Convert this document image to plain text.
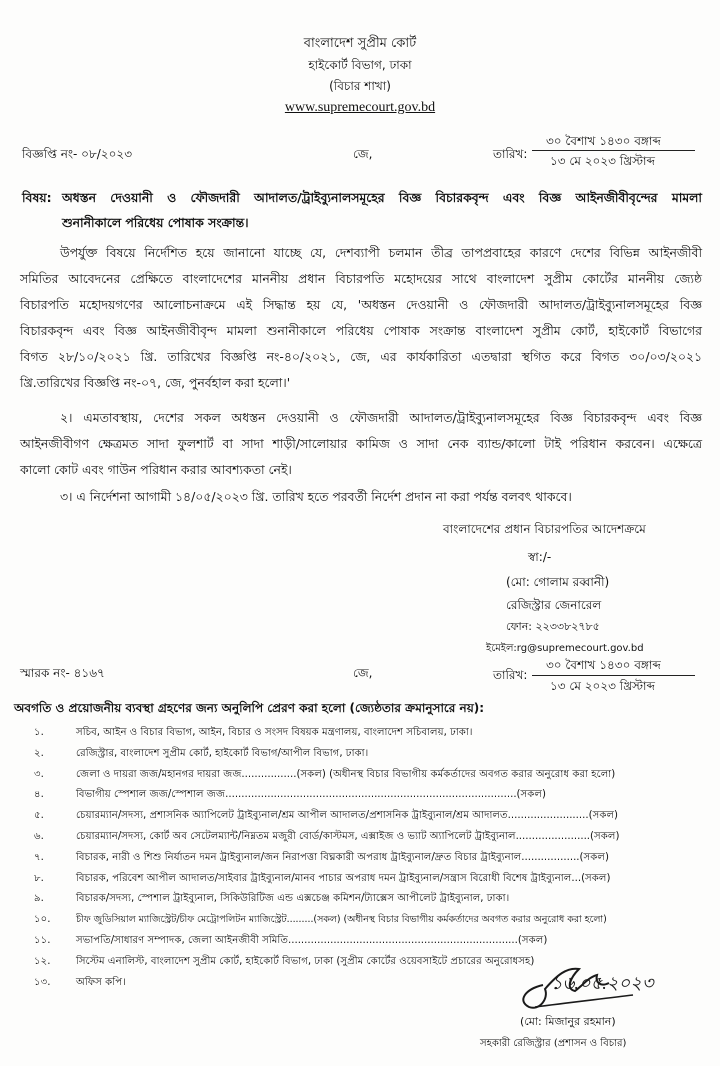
বাংলাদেশ সুপ্রীম কোর্ট
হাইকোর্ট বিভাগ, ঢাকা
(বিচার শাখা)
www.supremecourt.gov.bd
বিজ্ঞপ্তি নং- ০৮/২০২৩	জে,	তারিখ:
৩০ বৈশাখ ১৪৩০ বঙ্গাব্দ
১৩ মে ২০২৩ খ্রিস্টাব্দ
বিষয়: অধস্তন দেওয়ানী ও ফৌজদারী আদালত/ট্রাইব্যুনালসমূহের বিজ্ঞ বিচারকবৃন্দ এবং বিজ্ঞ আইনজীবীবৃন্দের মামলা
শুনানীকালে পরিধেয় পোষাক সংক্রান্ত।
উপর্যুক্ত বিষয়ে নির্দেশিত হয়ে জানানো যাচ্ছে যে, দেশব্যাপী চলমান তীব্র তাপপ্রবাহের কারণে দেশের বিভিন্ন আইনজীবী
সমিতির আবেদনের প্রেক্ষিতে বাংলাদেশের মাননীয় প্রধান বিচারপতি মহোদয়ের সাথে বাংলাদেশ সুপ্রীম কোর্টের মাননীয় জ্যেষ্ঠ
বিচারপতি মহোদয়গণের আলোচনাক্রমে এই সিদ্ধান্ত হয় যে, 'অধস্তন দেওয়ানী ও ফৌজদারী আদালত/ট্রাইব্যুনালসমূহের বিজ্ঞ
বিচারকবৃন্দ এবং বিজ্ঞ আইনজীবীবৃন্দ মামলা শুনানীকালে পরিধেয় পোষাক সংক্রান্ত বাংলাদেশ সুপ্রীম কোর্ট, হাইকোর্ট বিভাগের
বিগত ২৮/১০/২০২১ খ্রি. তারিখের বিজ্ঞপ্তি নং-৪০/২০২১, জে, এর কার্যকারিতা এতদ্বারা স্থগিত করে বিগত ৩০/০৩/২০২১
খ্রি.তারিখের বিজ্ঞপ্তি নং-০৭, জে, পুনর্বহাল করা হলো।'
২। এমতাবস্থায়, দেশের সকল অধস্তন দেওয়ানী ও ফৌজদারী আদালত/ট্রাইব্যুনালসমূহের বিজ্ঞ বিচারকবৃন্দ এবং বিজ্ঞ
আইনজীবীগণ ক্ষেত্রমত সাদা ফুলশার্ট বা সাদা শাড়ী/সালোয়ার কামিজ ও সাদা নেক ব্যান্ড/কালো টাই পরিধান করবেন। এক্ষেত্রে
কালো কোট এবং গাউন পরিধান করার আবশ্যকতা নেই।
৩। এ নির্দেশনা আগামী ১৪/০৫/২০২৩ খ্রি. তারিখ হতে পরবর্তী নির্দেশ প্রদান না করা পর্যন্ত বলবৎ থাকবে।
বাংলাদেশের প্রধান বিচারপতির আদেশক্রমে
স্বা:/-
(মো: গোলাম রব্বানী)
রেজিস্ট্রার জেনারেল
ফোন: ২২৩৩৮২৭৮৫
ইমেইল:rg@supremecourt.gov.bd
স্মারক নং- ৪১৬৭	জে,	তারিখ:
৩০ বৈশাখ ১৪৩০ বঙ্গাব্দ
১৩ মে ২০২৩ খ্রিস্টাব্দ
অবগতি ও প্রয়োজনীয় ব্যবস্থা গ্রহণের জন্য অনুলিপি প্রেরণ করা হলো (জ্যেষ্ঠতার ক্রমানুসারে নয়):
১.	সচিব, আইন ও বিচার বিভাগ, আইন, বিচার ও সংসদ বিষয়ক মন্ত্রণালয়, বাংলাদেশ সচিবালয়, ঢাকা।
২.	রেজিস্ট্রার, বাংলাদেশ সুপ্রীম কোর্ট, হাইকোর্ট বিভাগ/আপীল বিভাগ, ঢাকা।
৩.	জেলা ও দায়রা জজ/মহানগর দায়রা জজ.................(সকল) (অধীনস্থ বিচার বিভাগীয় কর্মকর্তাদের অবগত করার অনুরোধ করা হলো)
৪.	বিভাগীয় স্পেশাল জজ/স্পেশাল জজ..........................................................................................(সকল)
৫.	চেয়ারম্যান/সদস্য, প্রশাসনিক অ্যাপিলেট ট্রাইব্যুনাল/শ্রম আপীল আদালত/প্রশাসনিক ট্রাইব্যুনাল/শ্রম আদালত.........................(সকল)
৬.	চেয়ারম্যান/সদস্য, কোর্ট অব সেটেলম্যান্ট/নিম্নতম মজুরী বোর্ড/কাস্টমস, এক্সাইজ ও ভ্যাট অ্যাপিলেট ট্রাইব্যুনাল.......................(সকল)
৭.	বিচারক, নারী ও শিশু নির্যাতন দমন ট্রাইব্যুনাল/জন নিরাপত্তা বিঘ্নকারী অপরাধ ট্রাইব্যুনাল/দ্রুত বিচার ট্রাইব্যুনাল..................(সকল)
৮.	বিচারক, পরিবেশ আপীল আদালত/সাইবার ট্রাইব্যুনাল/মানব পাচার অপরাধ দমন ট্রাইব্যুনাল/সন্ত্রাস বিরোধী বিশেষ ট্রাইব্যুনাল...(সকল)
৯.	বিচারক/সদস্য, স্পেশাল ট্রাইব্যুনাল, সিকিউরিটিজ এন্ড এক্সচেঞ্জ কমিশন/ট্যাক্সেস আপীলেট ট্রাইব্যুনাল, ঢাকা।
১০.	চীফ জুডিসিয়াল ম্যাজিস্ট্রেট/চীফ মেট্রোপলিটন ম্যাজিস্ট্রেট.........(সকল) (অধীনস্থ বিচার বিভাগীয় কর্মকর্তাদের অবগত করার অনুরোধ করা হলো)
১১.	সভাপতি/সাধারণ সম্পাদক, জেলা আইনজীবী সমিতি.......................................................................(সকল)
১২.	সিস্টেম এনালিস্ট, বাংলাদেশ সুপ্রীম কোর্ট, হাইকোর্ট বিভাগ, ঢাকা (সুপ্রীম কোর্টের ওয়েবসাইটে প্রচারের অনুরোধসহ)
১৩.	অফিস কপি।	১৬.০৫.২০২৩
(মো: মিজানুর রহমান)
সহকারী রেজিস্ট্রার (প্রশাসন ও বিচার)
